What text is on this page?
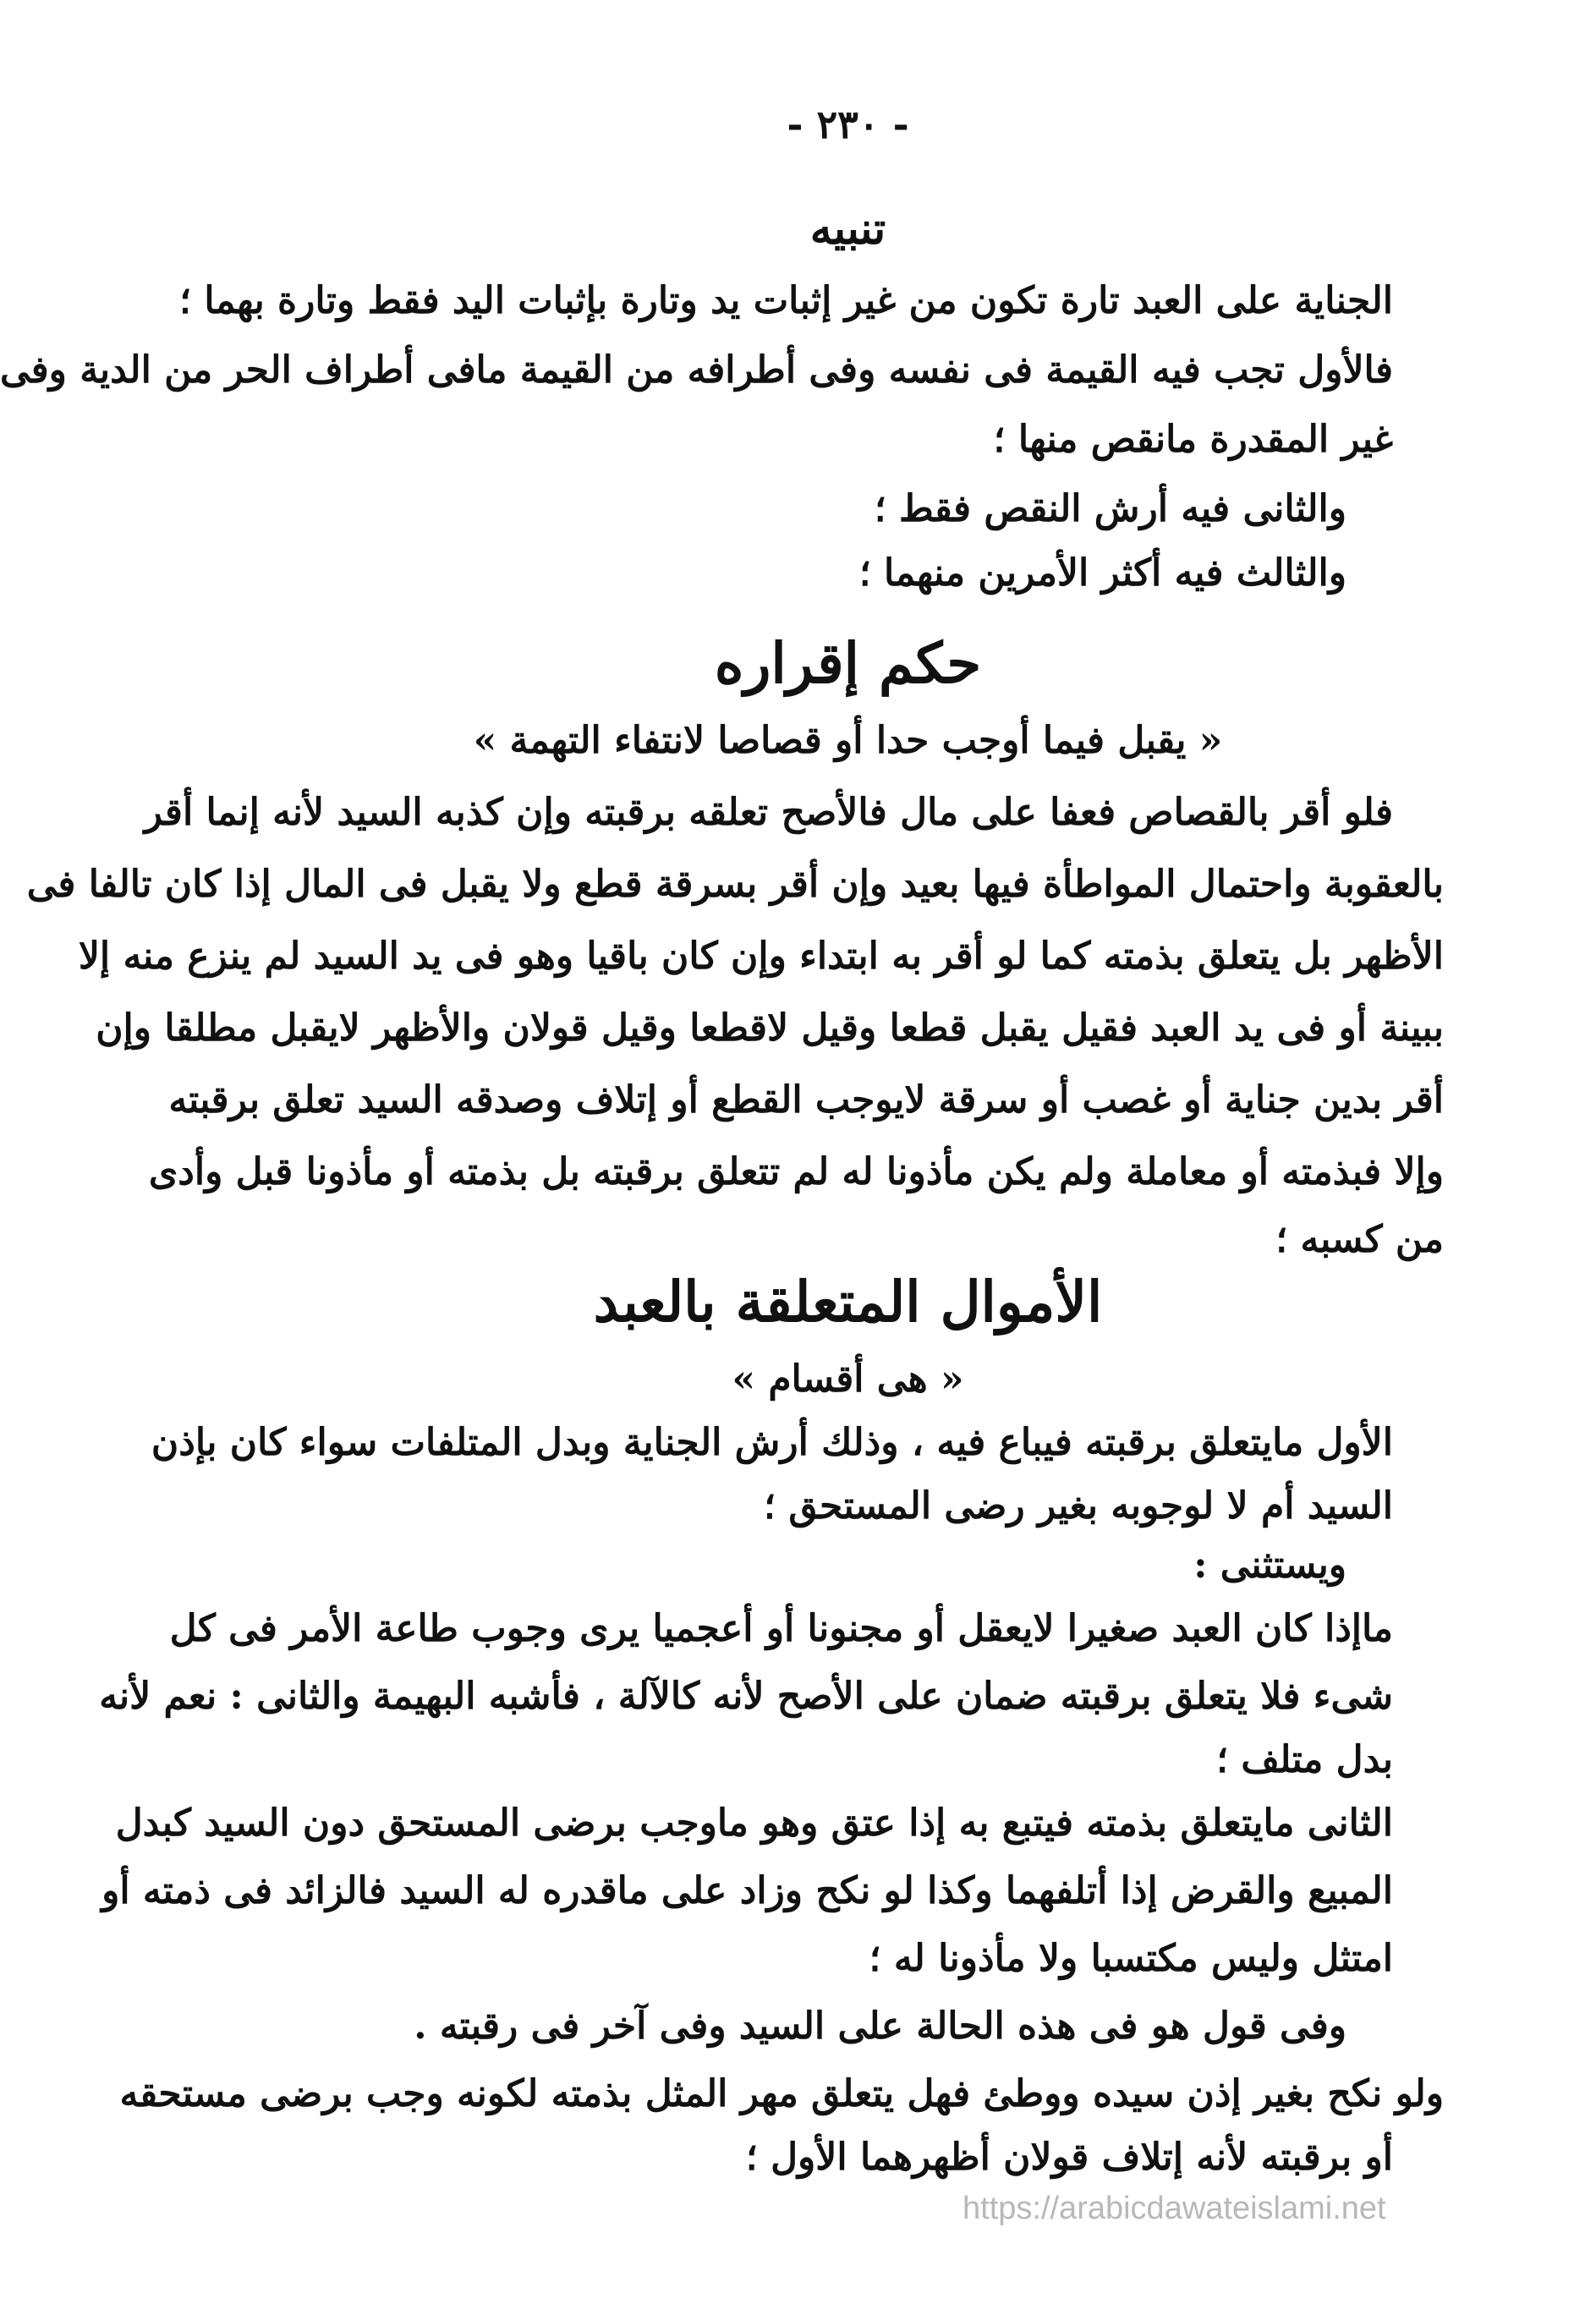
- ٢٣٠ -
تنبيه
الجناية على العبد تارة تكون من غير إثبات يد وتارة بإثبات اليد فقط وتارة بهما ؛
فالأول تجب فيه القيمة فى نفسه وفى أطرافه من القيمة مافى أطراف الحر من الدية وفى
غير المقدرة مانقص منها ؛
والثانى فيه أرش النقص فقط ؛
والثالث فيه أكثر الأمرين منهما ؛
حكم إقراره
« يقبل فيما أوجب حدا أو قصاصا لانتفاء التهمة »
فلو أقر بالقصاص فعفا على مال فالأصح تعلقه برقبته وإن كذبه السيد لأنه إنما أقر
بالعقوبة واحتمال المواطأة فيها بعيد وإن أقر بسرقة قطع ولا يقبل فى المال إذا كان تالفا فى
الأظهر بل يتعلق بذمته كما لو أقر به ابتداء وإن كان باقيا وهو فى يد السيد لم ينزع منه إلا
ببينة أو فى يد العبد فقيل يقبل قطعا وقيل لاقطعا وقيل قولان والأظهر لايقبل مطلقا وإن
أقر بدين جناية أو غصب أو سرقة لايوجب القطع أو إتلاف وصدقه السيد تعلق برقبته
وإلا فبذمته أو معاملة ولم يكن مأذونا له لم تتعلق برقبته بل بذمته أو مأذونا قبل وأدى
من كسبه ؛
الأموال المتعلقة بالعبد
« هى أقسام »
الأول مايتعلق برقبته فيباع فيه ، وذلك أرش الجناية وبدل المتلفات سواء كان بإذن
السيد أم لا لوجوبه بغير رضى المستحق ؛
ويستثنى :
ماإذا كان العبد صغيرا لايعقل أو مجنونا أو أعجميا يرى وجوب طاعة الأمر فى كل
شىء فلا يتعلق برقبته ضمان على الأصح لأنه كالآلة ، فأشبه البهيمة والثانى : نعم لأنه
بدل متلف ؛
الثانى مايتعلق بذمته فيتبع به إذا عتق وهو ماوجب برضى المستحق دون السيد كبدل
المبيع والقرض إذا أتلفهما وكذا لو نكح وزاد على ماقدره له السيد فالزائد فى ذمته أو
امتثل وليس مكتسبا ولا مأذونا له ؛
وفى قول هو فى هذه الحالة على السيد وفى آخر فى رقبته .
ولو نكح بغير إذن سيده ووطئ فهل يتعلق مهر المثل بذمته لكونه وجب برضى مستحقه
أو برقبته لأنه إتلاف قولان أظهرهما الأول ؛
https://arabicdawateislami.net
